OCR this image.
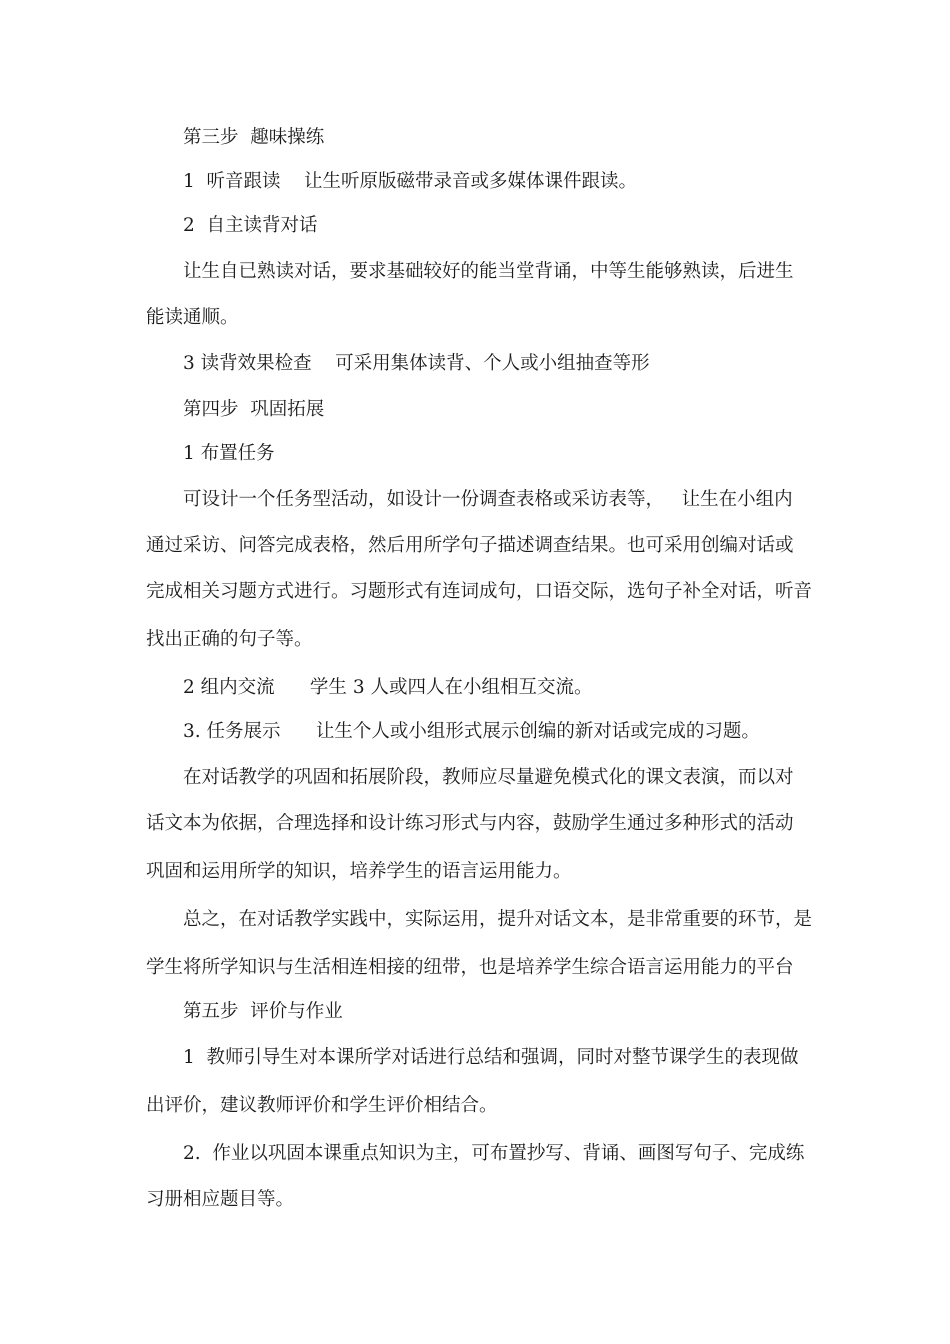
第三步  趣味操练
1  听音跟读    让生听原版磁带录音或多媒体课件跟读。
2  自主读背对话
让生自已熟读对话，要求基础较好的能当堂背诵，中等生能够熟读，后进生
能读通顺。
3 读背效果检查    可采用集体读背、个人或小组抽查等形
第四步  巩固拓展
1 布置任务
可设计一个任务型活动，如设计一份调查表格或采访表等，   让生在小组内
通过采访、问答完成表格，然后用所学句子描述调查结果。也可采用创编对话或
完成相关习题方式进行。习题形式有连词成句，口语交际，选句子补全对话，听音
找出正确的句子等。
2 组内交流      学生 3 人或四人在小组相互交流。
3. 任务展示      让生个人或小组形式展示创编的新对话或完成的习题。
在对话教学的巩固和拓展阶段，教师应尽量避免模式化的课文表演，而以对
话文本为依据，合理选择和设计练习形式与内容，鼓励学生通过多种形式的活动
巩固和运用所学的知识，培养学生的语言运用能力。
总之，在对话教学实践中，实际运用，提升对话文本，是非常重要的环节，是
学生将所学知识与生活相连相接的纽带，也是培养学生综合语言运用能力的平台
第五步  评价与作业
1  教师引导生对本课所学对话进行总结和强调，同时对整节课学生的表现做
出评价，建议教师评价和学生评价相结合。
2.  作业以巩固本课重点知识为主，可布置抄写、背诵、画图写句子、完成练
习册相应题目等。
